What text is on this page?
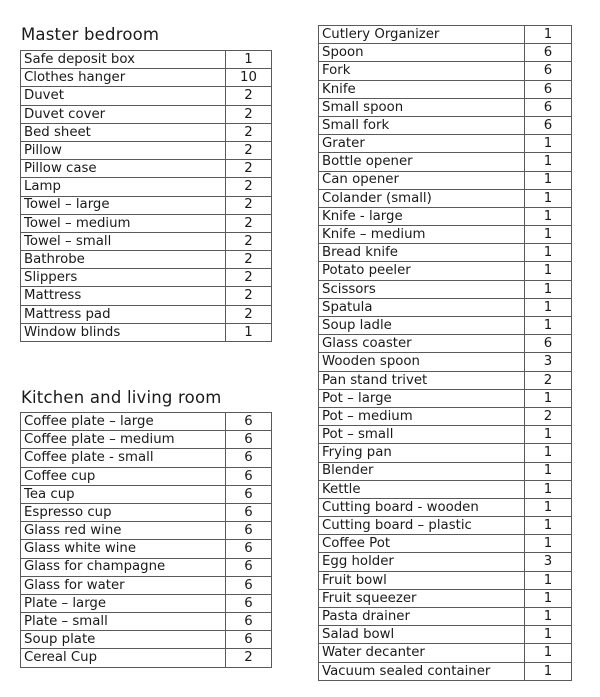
Master bedroom
Safe deposit box	1
Clothes hanger	10
Duvet	2
Duvet cover	2
Bed sheet	2
Pillow	2
Pillow case	2
Lamp	2
Towel – large	2
Towel – medium	2
Towel – small	2
Bathrobe	2
Slippers	2
Mattress	2
Mattress pad	2
Window blinds	1
Kitchen and living room
Coffee plate – large	6
Coffee plate – medium	6
Coffee plate - small	6
Coffee cup	6
Tea cup	6
Espresso cup	6
Glass red wine	6
Glass white wine	6
Glass for champagne	6
Glass for water	6
Plate – large	6
Plate – small	6
Soup plate	6
Cereal Cup	2
Cutlery Organizer	1
Spoon	6
Fork	6
Knife	6
Small spoon	6
Small fork	6
Grater	1
Bottle opener	1
Can opener	1
Colander (small)	1
Knife - large	1
Knife – medium	1
Bread knife	1
Potato peeler	1
Scissors	1
Spatula	1
Soup ladle	1
Glass coaster	6
Wooden spoon	3
Pan stand trivet	2
Pot – large	1
Pot – medium	2
Pot – small	1
Frying pan	1
Blender	1
Kettle	1
Cutting board - wooden	1
Cutting board – plastic	1
Coffee Pot	1
Egg holder	3
Fruit bowl	1
Fruit squeezer	1
Pasta drainer	1
Salad bowl	1
Water decanter	1
Vacuum sealed container	1
